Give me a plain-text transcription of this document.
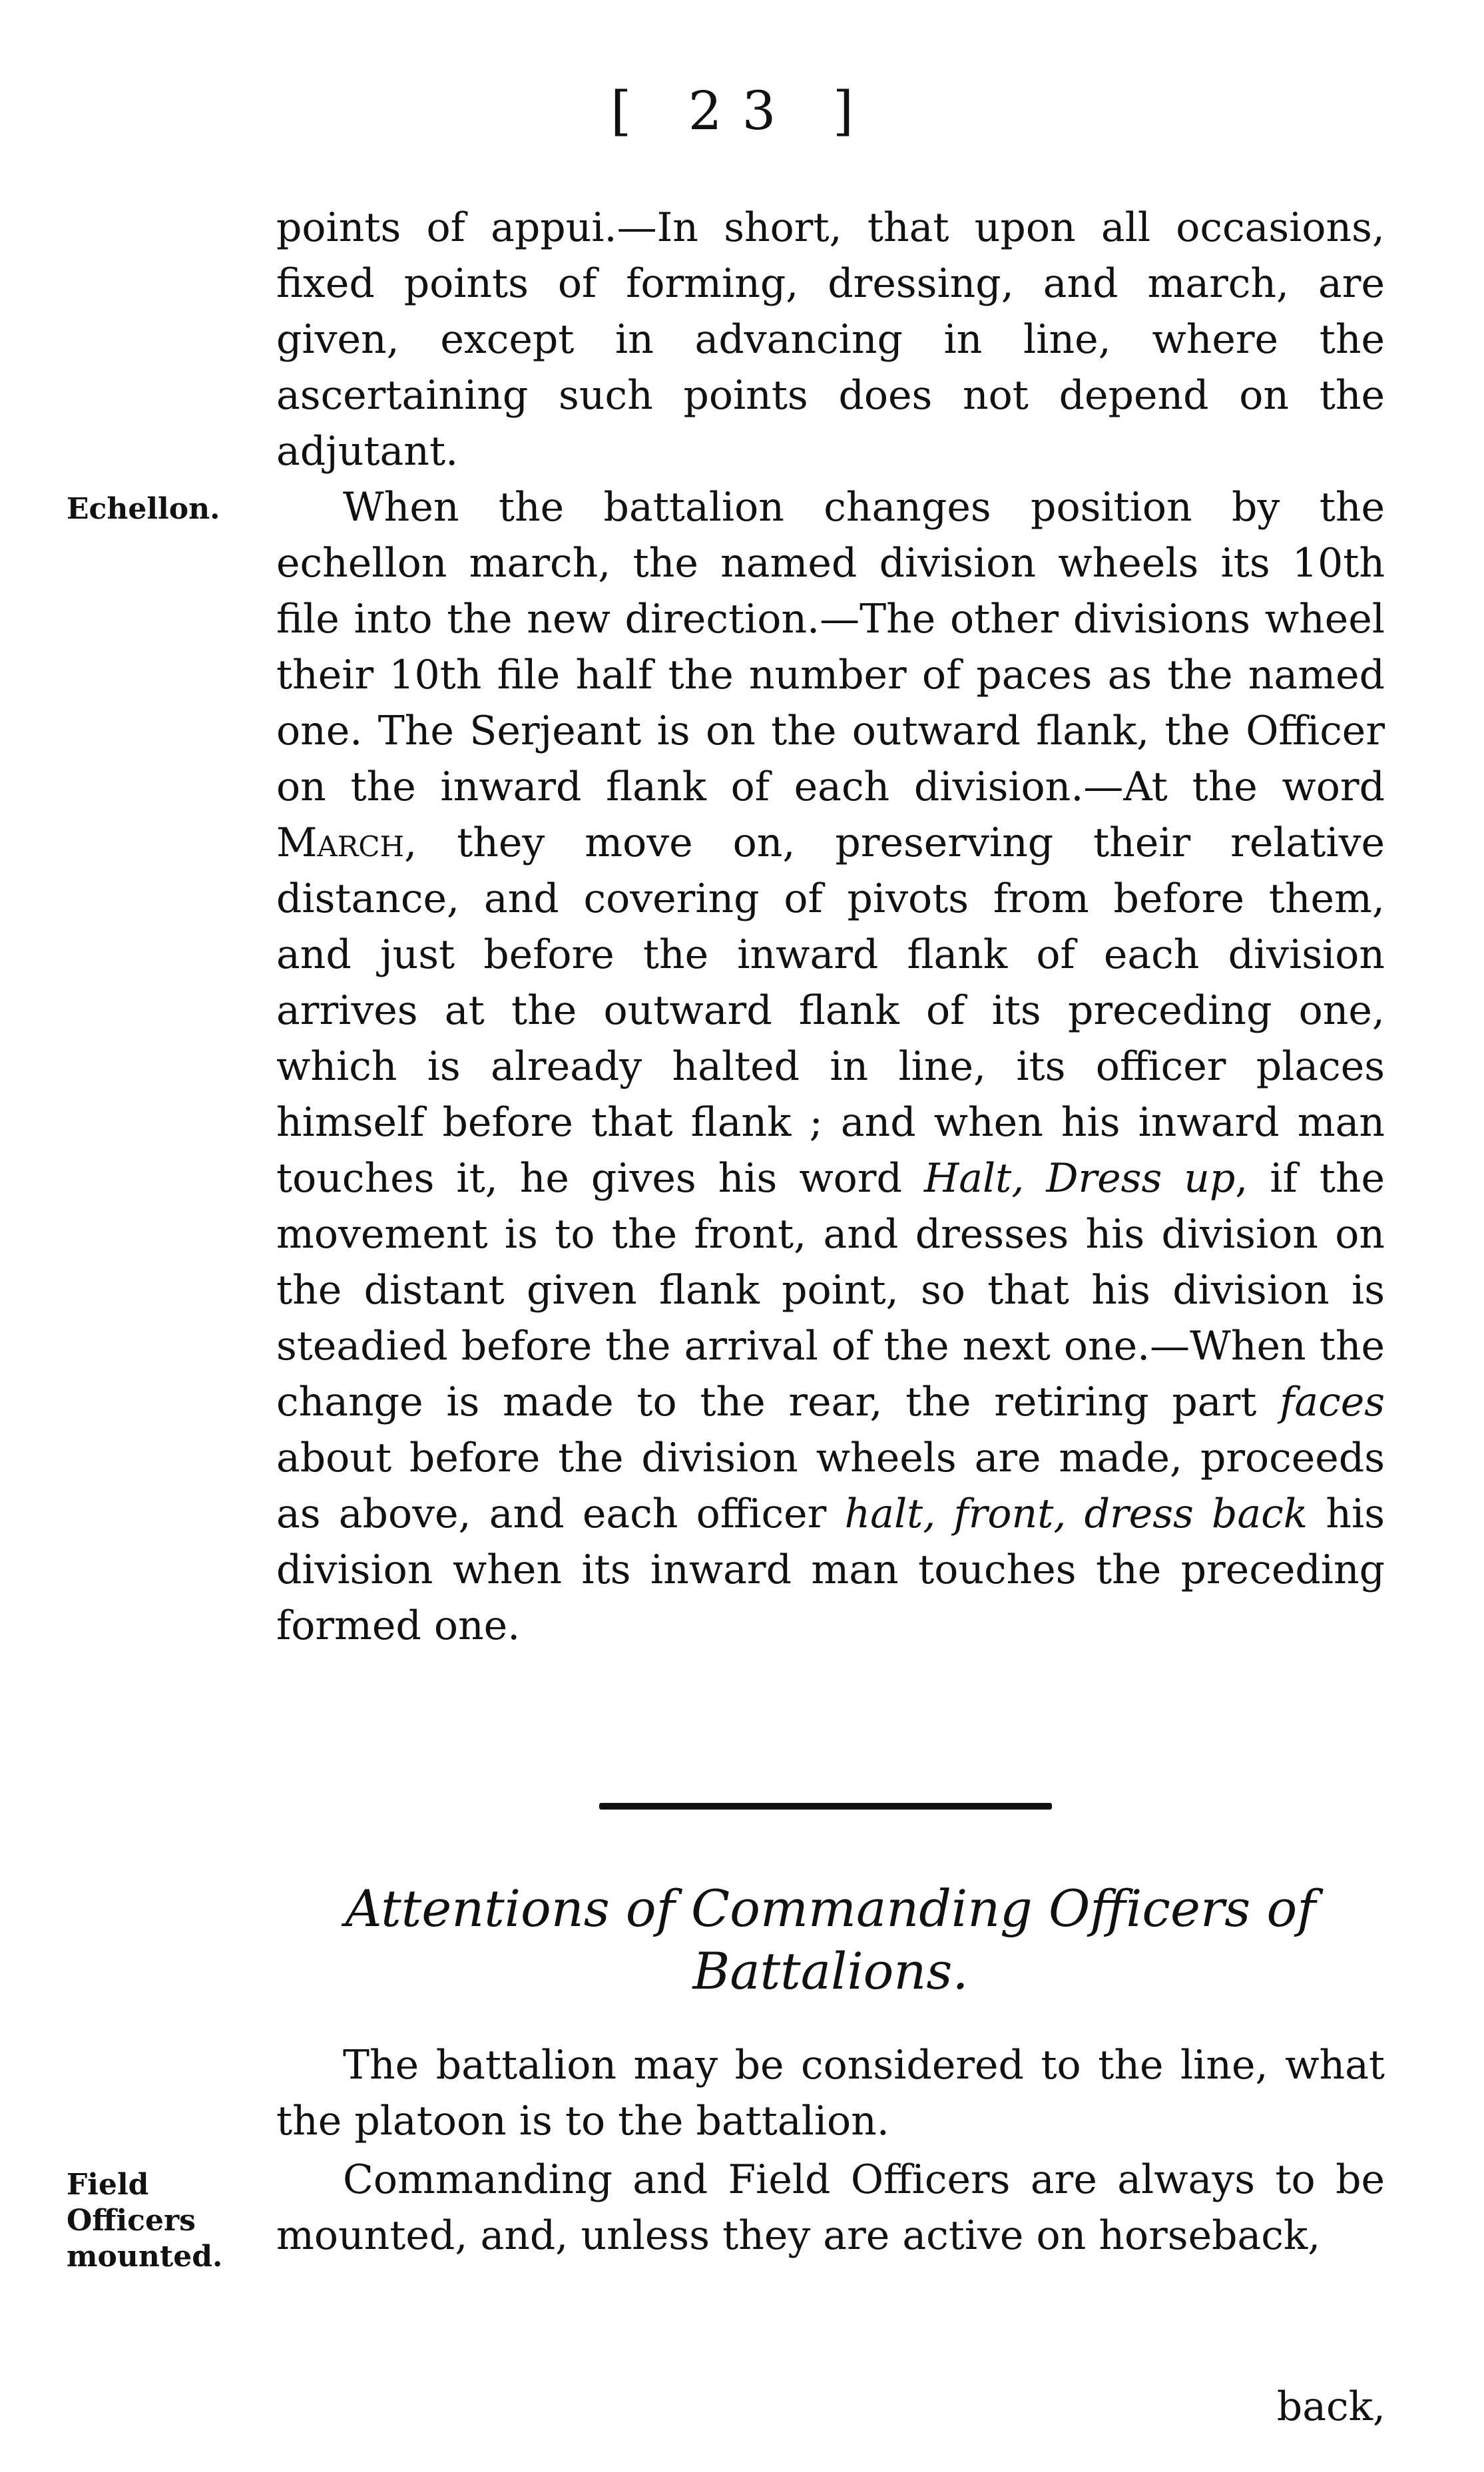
[ 23 ]

points of appui.—In short, that upon all occasions, fixed points of forming, dressing, and march, are given, except in advancing in line, where the ascertaining such points does not depend on the adjutant.

Echellon.	When the battalion changes position by the echellon march, the named division wheels its 10th file into the new direction.—The other divisions wheel their 10th file half the number of paces as the named one. The Serjeant is on the outward flank, the Officer on the inward flank of each division.—At the word March, they move on, preserving their relative distance, and covering of pivots from before them, and just before the inward flank of each division arrives at the outward flank of its preceding one, which is already halted in line, its officer places himself before that flank ; and when his inward man touches it, he gives his word Halt, Dress up, if the movement is to the front, and dresses his division on the distant given flank point, so that his division is steadied before the arrival of the next one.—When the change is made to the rear, the retiring part faces about before the division wheels are made, proceeds as above, and each officer halt, front, dress back his division when its inward man touches the preceding formed one.

Attentions of Commanding Officers of Battalions.

The battalion may be considered to the line, what the platoon is to the battalion.

Field Officers mounted.

Commanding and Field Officers are always to be mounted, and, unless they are active on horseback,

back,
